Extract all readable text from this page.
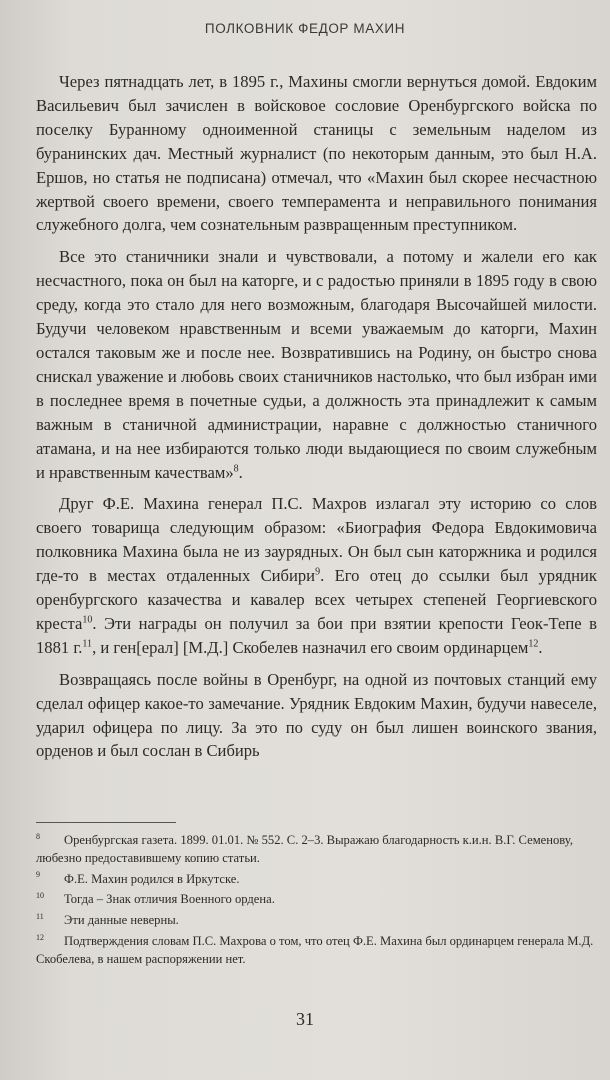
ПОЛКОВНИК ФЕДОР МАХИН

Через пятнадцать лет, в 1895 г., Махины смогли вернуться домой. Евдоким Васильевич был зачислен в войсковое сословие Оренбургского войска по поселку Буранному одноименной станицы с земельным наделом из буранинских дач. Местный журналист (по некоторым данным, это был Н.А. Ершов, но статья не подписана) отмечал, что «Махин был скорее несчастною жертвой своего времени, своего темперамента и неправильного понимания служебного долга, чем сознательным развращенным преступником.

Все это станичники знали и чувствовали, а потому и жалели его как несчастного, пока он был на каторге, и с радостью приняли в 1895 году в свою среду, когда это стало для него возможным, благодаря Высочайшей милости. Будучи человеком нравственным и всеми уважаемым до каторги, Махин остался таковым же и после нее. Возвратившись на Родину, он быстро снова снискал уважение и любовь своих станичников настолько, что был избран ими в последнее время в почетные судьи, а должность эта принадлежит к самым важным в станичной администрации, наравне с должностью станичного атамана, и на нее избираются только люди выдающиеся по своим служебным и нравственным качествам»$^8$.

Друг Ф.Е. Махина генерал П.С. Махров излагал эту историю со слов своего товарища следующим образом: «Биография Федора Евдокимовича полковника Махина была не из заурядных. Он был сын каторжника и родился где-то в местах отдаленных Сибири$^9$. Его отец до ссылки был урядник оренбургского казачества и кавалер всех четырех степеней Георгиевского креста$^{10}$. Эти награды он получил за бои при взятии крепости Геок-Тепе в 1881 г.$^{11}$, и ген[ерал] [М.Д.] Скобелев назначил его своим ординарцем$^{12}$.

Возвращаясь после войны в Оренбург, на одной из почтовых станций ему сделал офицер какое-то замечание. Урядник Евдоким Махин, будучи навеселе, ударил офицера по лицу. За это по суду он был лишен воинского звания, орденов и был сослан в Сибирь

8 Оренбургская газета. 1899. 01.01. № 552. С. 2–3. Выражаю благодарность к.и.н. В.Г. Семенову, любезно предоставившему копию статьи.
9 Ф.Е. Махин родился в Иркутске.
10 Тогда – Знак отличия Военного ордена.
11 Эти данные неверны.
12 Подтверждения словам П.С. Махрова о том, что отец Ф.Е. Махина был ординарцем генерала М.Д. Скобелева, в нашем распоряжении нет.
31
